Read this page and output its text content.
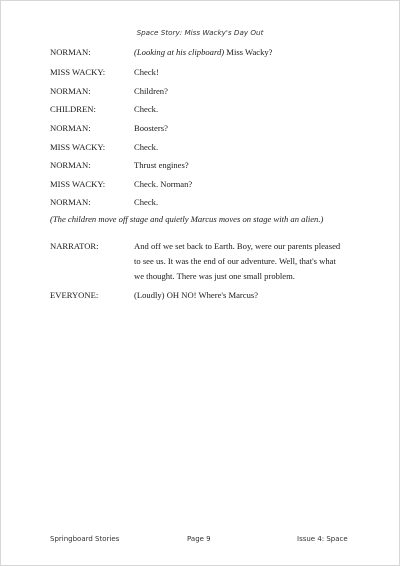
Space Story: Miss Wacky's Day Out
NORMAN:	(Looking at his clipboard) Miss Wacky?
MISS WACKY:	Check!
NORMAN:	Children?
CHILDREN:	Check.
NORMAN:	Boosters?
MISS WACKY:	Check.
NORMAN:	Thrust engines?
MISS WACKY:	Check. Norman?
NORMAN:	Check.
(The children move off stage and quietly Marcus moves on stage with an alien.)
NARRATOR:	And off we set back to Earth. Boy, were our parents pleased
to see us. It was the end of our adventure. Well, that's what
we thought. There was just one small problem.
EVERYONE:	(Loudly) OH NO! Where's Marcus?
Springboard Stories	Page 9	Issue 4: Space
